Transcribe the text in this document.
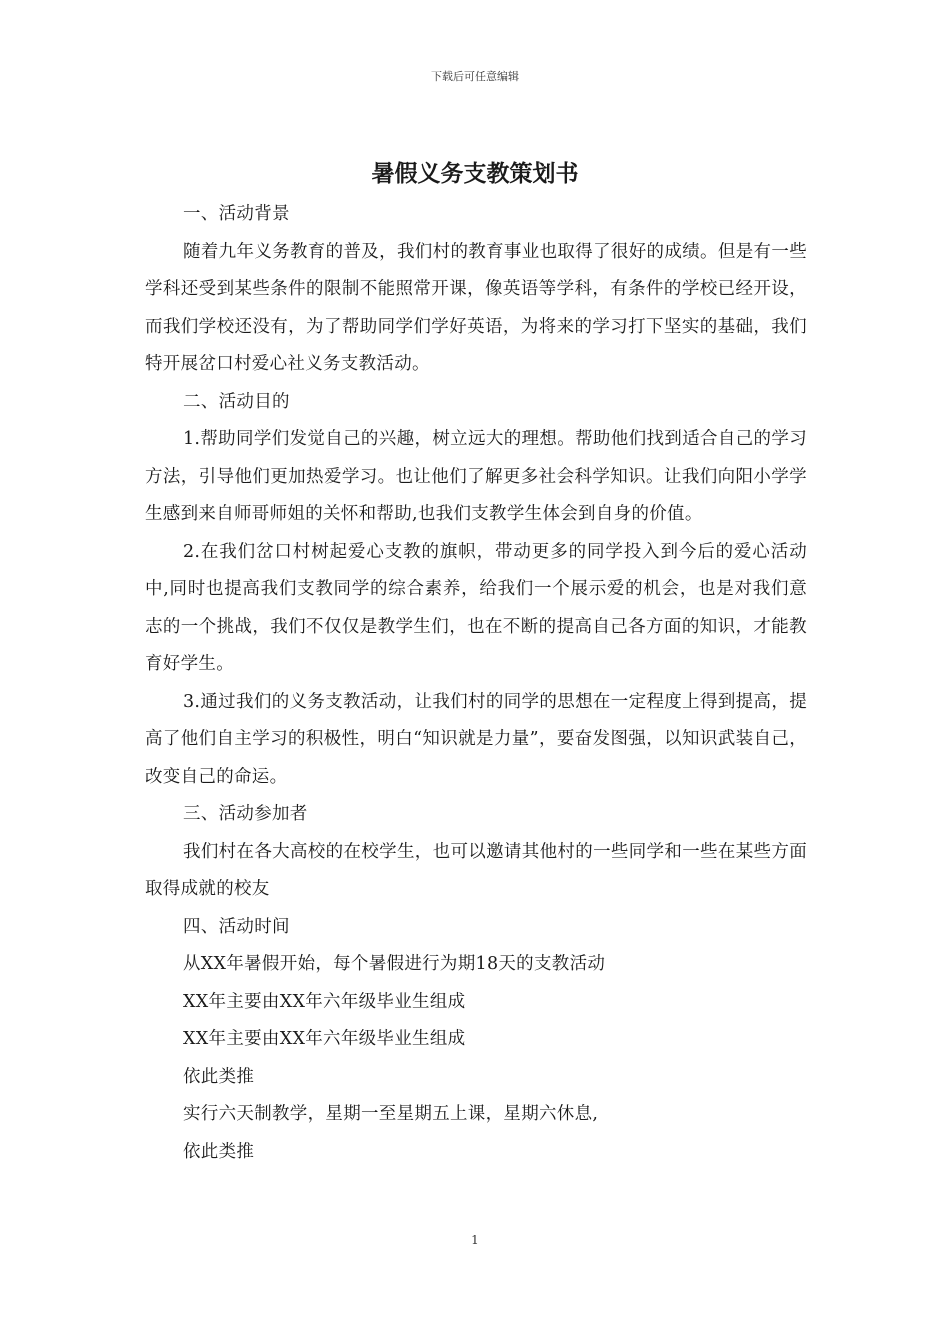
下载后可任意编辑
暑假义务支教策划书

一、活动背景

随着九年义务教育的普及，我们村的教育事业也取得了很好的成绩。但是有一些学科还受到某些条件的限制不能照常开课，像英语等学科，有条件的学校已经开设，而我们学校还没有，为了帮助同学们学好英语，为将来的学习打下坚实的基础，我们特开展岔口村爱心社义务支教活动。

二、活动目的

1.帮助同学们发觉自己的兴趣，树立远大的理想。帮助他们找到适合自己的学习方法，引导他们更加热爱学习。也让他们了解更多社会科学知识。让我们向阳小学学生感到来自师哥师姐的关怀和帮助,也我们支教学生体会到自身的价值。

2.在我们岔口村树起爱心支教的旗帜，带动更多的同学投入到今后的爱心活动中,同时也提高我们支教同学的综合素养，给我们一个展示爱的机会，也是对我们意志的一个挑战，我们不仅仅是教学生们，也在不断的提高自己各方面的知识，才能教育好学生。

3.通过我们的义务支教活动，让我们村的同学的思想在一定程度上得到提高，提高了他们自主学习的积极性，明白“知识就是力量”，要奋发图强，以知识武装自己，改变自己的命运。

三、活动参加者

我们村在各大高校的在校学生，也可以邀请其他村的一些同学和一些在某些方面取得成就的校友

四、活动时间

从XX年暑假开始，每个暑假进行为期18天的支教活动

XX年主要由XX年六年级毕业生组成

XX年主要由XX年六年级毕业生组成

依此类推

实行六天制教学，星期一至星期五上课，星期六休息,

依此类推

1
